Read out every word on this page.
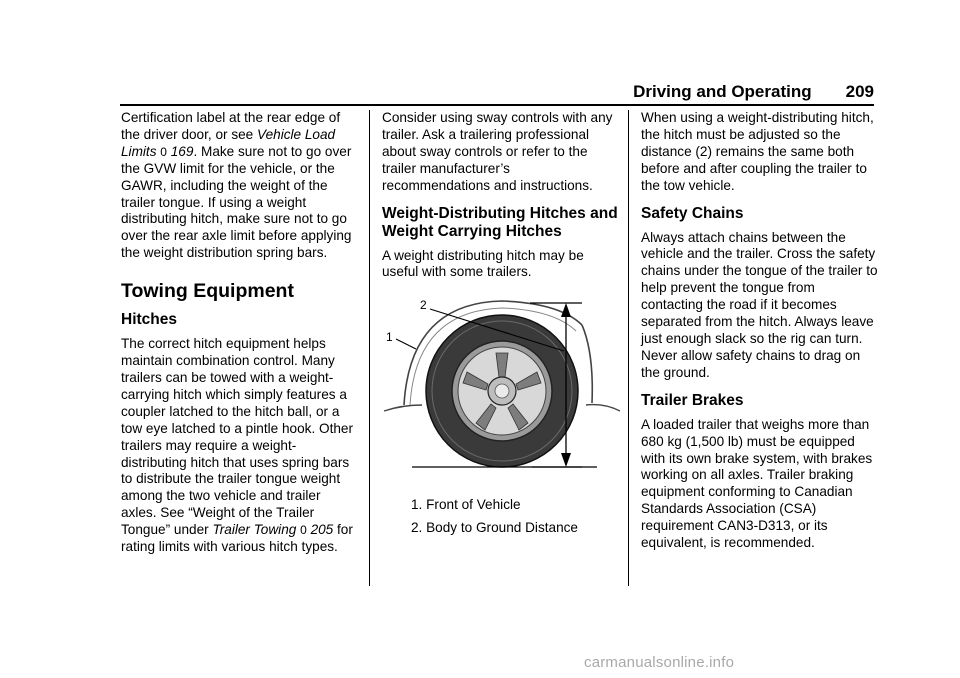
Driving and Operating 209

Certification label at the rear edge of the driver door, or see Vehicle Load Limits 0 169. Make sure not to go over the GVW limit for the vehicle, or the GAWR, including the weight of the trailer tongue. If using a weight distributing hitch, make sure not to go over the rear axle limit before applying the weight distribution spring bars.

Towing Equipment
Hitches

The correct hitch equipment helps maintain combination control. Many trailers can be towed with a weight-carrying hitch which simply features a coupler latched to the hitch ball, or a tow eye latched to a pintle hook. Other trailers may require a weight-distributing hitch that uses spring bars to distribute the trailer tongue weight among the two vehicle and trailer axles. See “Weight of the Trailer Tongue” under Trailer Towing 0 205 for rating limits with various hitch types.

Consider using sway controls with any trailer. Ask a trailering professional about sway controls or refer to the trailer manufacturer’s recommendations and instructions.

Weight-Distributing Hitches and Weight Carrying Hitches

A weight distributing hitch may be useful with some trailers.

2
1
1. Front of Vehicle
2. Body to Ground Distance

When using a weight-distributing hitch, the hitch must be adjusted so the distance (2) remains the same both before and after coupling the trailer to the tow vehicle.

Safety Chains

Always attach chains between the vehicle and the trailer. Cross the safety chains under the tongue of the trailer to help prevent the tongue from contacting the road if it becomes separated from the hitch. Always leave just enough slack so the rig can turn. Never allow safety chains to drag on the ground.

Trailer Brakes

A loaded trailer that weighs more than 680 kg (1,500 lb) must be equipped with its own brake system, with brakes working on all axles. Trailer braking equipment conforming to Canadian Standards Association (CSA) requirement CAN3-D313, or its equivalent, is recommended.

carmanualsonline.info
